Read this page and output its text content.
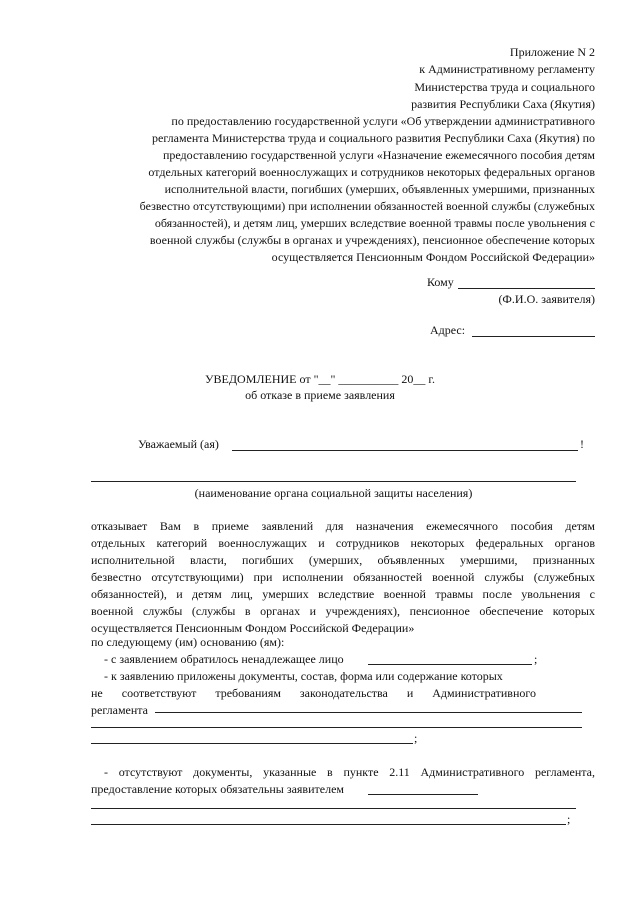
Приложение N 2
к Административному регламенту
Министерства труда и социального
развития Республики Саха (Якутия)
по предоставлению государственной услуги «Об утверждении административного
регламента Министерства труда и социального развития Республики Саха (Якутия) по
предоставлению государственной услуги «Назначение ежемесячного пособия детям
отдельных категорий военнослужащих и сотрудников некоторых федеральных органов
исполнительной власти, погибших (умерших, объявленных умершими, признанных
безвестно отсутствующими) при исполнении обязанностей военной службы (служебных
обязанностей), и детям лиц, умерших вследствие военной травмы после увольнения с
военной службы (службы в органах и учреждениях), пенсионное обеспечение которых
осуществляется Пенсионным Фондом Российской Федерации»
Кому
(Ф.И.О. заявителя)
Адрес:
УВЕДОМЛЕНИЕ от "__" __________ 20__ г.
об отказе в приеме заявления
Уважаемый (ая)	!
(наименование органа социальной защиты населения)
отказывает Вам в приеме заявлений для назначения ежемесячного пособия детям
отдельных категорий военнослужащих и сотрудников некоторых федеральных органов
исполнительной власти, погибших (умерших, объявленных умершими, признанных
безвестно отсутствующими) при исполнении обязанностей военной службы (служебных
обязанностей), и детям лиц, умерших вследствие военной травмы после увольнения с
военной службы (службы в органах и учреждениях), пенсионное обеспечение которых
осуществляется Пенсионным Фондом Российской Федерации»
по следующему (им) основанию (ям):
- с заявлением обратилось ненадлежащее лицо	;
- к заявлению приложены документы, состав, форма или содержание которых
не соответствуют требованиям законодательства и Административного
регламента
;
- отсутствуют документы, указанные в пункте 2.11 Административного регламента,
предоставление которых обязательны заявителем
;
